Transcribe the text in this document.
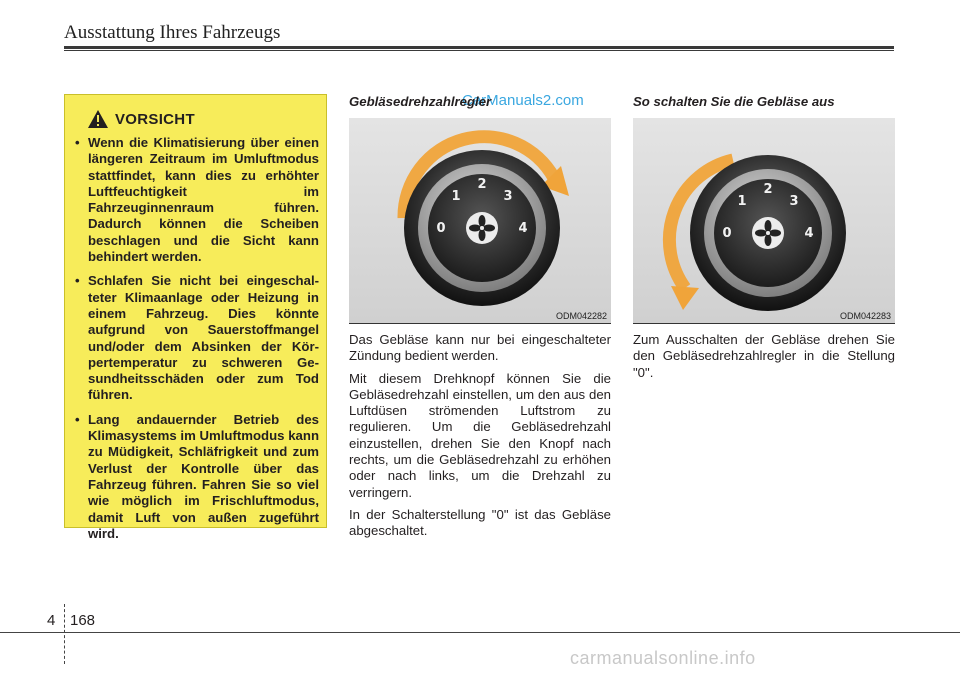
Ausstattung Ihres Fahrzeugs
VORSICHT
• Wenn die Klimatisierung über einen längeren Zeitraum im Umluftmodus stattfindet, kann dies zu erhöhter Luftfeuchtigkeit im Fahrzeuginnenraum führen. Dadurch können die Scheiben beschlagen und die Sicht kann behindert werden.
• Schlafen Sie nicht bei eingeschal-teter Klimaanlage oder Heizung in einem Fahrzeug. Dies könnte aufgrund von Sauerstoffmangel und/oder dem Absinken der Kör-pertemperatur zu schweren Ge-sundheitsschäden oder zum Tod führen.
• Lang andauernder Betrieb des Klimasystems im Umluftmodus kann zu Müdigkeit, Schläfrigkeit und zum Verlust der Kontrolle über das Fahrzeug führen. Fahren Sie so viel wie möglich im Frischluftmodus, damit Luft von außen zugeführt wird.
CarManuals2.com
Gebläsedrehzahlregler
0
1
2
3
4
ODM042282

Das Gebläse kann nur bei eingeschalteter Zündung bedient werden.

Mit diesem Drehknopf können Sie die Gebläsedrehzahl einstellen, um den aus den Luftdüsen strömenden Luftstrom zu regulieren. Um die Gebläsedrehzahl einzustellen, drehen Sie den Knopf nach rechts, um die Gebläsedrehzahl zu erhöhen oder nach links, um die Drehzahl zu verringern.

In der Schalterstellung "0" ist das Gebläse abgeschaltet.

So schalten Sie die Gebläse aus
0
1
2
3
4
ODM042283

Zum Ausschalten der Gebläse drehen Sie den Gebläsedrehzahlregler in die Stellung "0".

4 168
carmanualsonline.info
